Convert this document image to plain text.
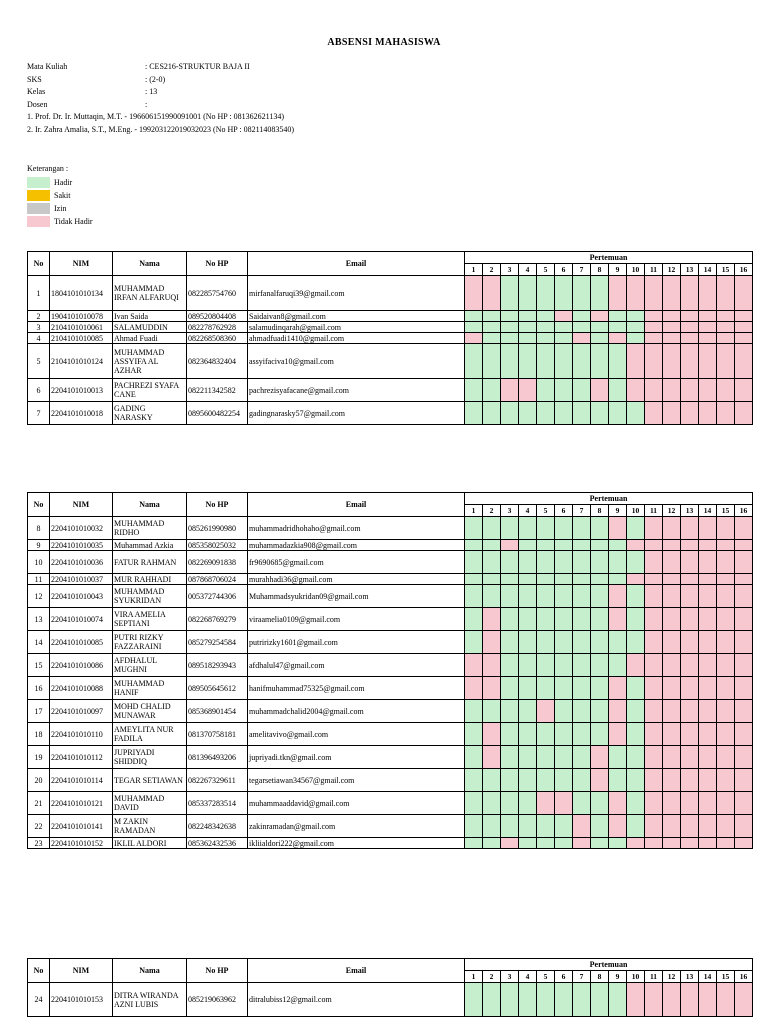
ABSENSI MAHASISWA
Mata Kuliah	: CES216-STRUKTUR BAJA II
SKS	: (2-0)
Kelas	: 13
Dosen	:
1. Prof. Dr. Ir. Muttaqin, M.T. - 196606151990091001 (No HP : 081362621134)
2. Ir. Zahra Amalia, S.T., M.Eng. - 199203122019032023 (No HP : 082114083540)
Keterangan :
Hadir
Sakit
Izin
Tidak Hadir
No	NIM	Nama	No HP	Email	Pertemuan															
					1	2	3	4	5	6	7	8	9	10	11	12	13	14	15	16
1	1804101010134	MUHAMMAD IRFAN ALFARUQI	082285754760	mirfanalfaruqi39@gmail.com																
2	1904101010078	Ivan Saida	089520804408	Saidaivan8@gmail.com																
3	2104101010061	SALAMUDDIN	082278762928	salamudinqarah@gmail.com																
4	2104101010085	Ahmad Fuadi	082268508360	ahmadfuadi1410@gmail.com																
5	2104101010124	MUHAMMAD ASSYIFA AL AZHAR	082364832404	assyifaciva10@gmail.com																
6	2204101010013	PACHREZI SYAFA CANE	082211342582	pachrezisyafacane@gmail.com																
7	2204101010018	GADING NARASKY	0895600482254	gadingnarasky57@gmail.com																
No	NIM	Nama	No HP	Email	Pertemuan															
					1	2	3	4	5	6	7	8	9	10	11	12	13	14	15	16
8	2204101010032	MUHAMMAD RIDHO	085261990980	muhammadridhohaho@gmail.com																
9	2204101010035	Muhammad Azkia	085358025032	muhammadazkia908@gmail.com																
10	2204101010036	FATUR RAHMAN	082269091838	fr9690685@gmail.com																
11	2204101010037	MUR RAHHADI	087868706024	murahhadi36@gmail.com																
12	2204101010043	MUHAMMAD SYUKRIDAN	005372744306	Muhammadsyukridan09@gmail.com																
13	2204101010074	VIRA AMELIA SEPTIANI	082268769279	viraamelia0109@gmail.com																
14	2204101010085	PUTRI RIZKY FAZZARAINI	085279254584	putririzky1601@gmail.com																
15	2204101010086	AFDHALUL MUGHNI	089518293943	afdhalul47@gmail.com																
16	2204101010088	MUHAMMAD HANIF	089505645612	hanifmuhammad75325@gmail.com																
17	2204101010097	MOHD CHALID MUNAWAR	085368901454	muhammadchalid2004@gmail.com																
18	2204101010110	AMEYLITA NUR FADILA	081370758181	amelitavivo@gmail.com																
19	2204101010112	JUPRIYADI SHIDDIQ	081396493206	jupriyadi.tkn@gmail.com																
20	2204101010114	TEGAR SETIAWAN	082267329611	tegarsetiawan34567@gmail.com																
21	2204101010121	MUHAMMAD DAVID	085337283514	muhammaaddavid@gmail.com																
22	2204101010141	M ZAKIN RAMADAN	082248342638	zakinramadan@gmail.com																
23	2204101010152	IKLIL ALDORI	085362432536	ikliialdori222@gmail.com																
No	NIM	Nama	No HP	Email	Pertemuan															
					1	2	3	4	5	6	7	8	9	10	11	12	13	14	15	16
24	2204101010153	DITRA WIRANDA AZNI LUBIS	085219063962	ditralubiss12@gmail.com																
